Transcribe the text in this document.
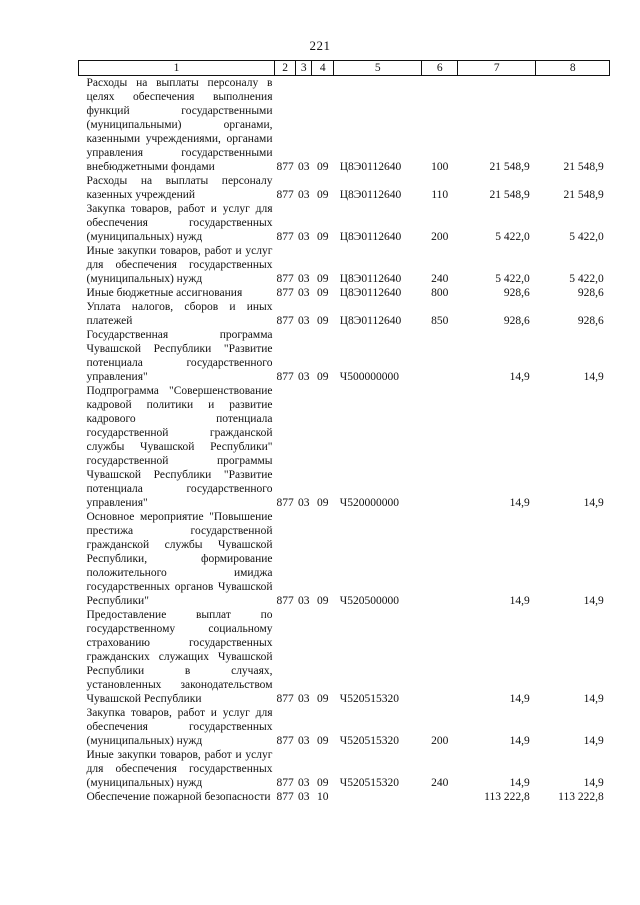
221
1	2	3	4	5	6	7	8
Расходы на выплаты персоналу в целях обеспечения выполнения функций государственными (муниципальными) органами, казенными учреждениями, органами управления государственными внебюджетными фондами	877	03	09	Ц8Э0112640	100	21 548,9	21 548,9
Расходы на выплаты персоналу казенных учреждений	877	03	09	Ц8Э0112640	110	21 548,9	21 548,9
Закупка товаров, работ и услуг для обеспечения государственных (муниципальных) нужд	877	03	09	Ц8Э0112640	200	5 422,0	5 422,0
Иные закупки товаров, работ и услуг для обеспечения государственных (муниципальных) нужд	877	03	09	Ц8Э0112640	240	5 422,0	5 422,0
Иные бюджетные ассигнования	877	03	09	Ц8Э0112640	800	928,6	928,6
Уплата налогов, сборов и иных платежей	877	03	09	Ц8Э0112640	850	928,6	928,6
Государственная программа Чувашской Республики "Развитие потенциала государственного управления"	877	03	09	Ч500000000		14,9	14,9
Подпрограмма "Совершенствование кадровой политики и развитие кадрового потенциала государственной гражданской службы Чувашской Республики" государственной программы Чувашской Республики "Развитие потенциала государственного управления"	877	03	09	Ч520000000		14,9	14,9
Основное мероприятие "Повышение престижа государственной гражданской службы Чувашской Республики, формирование положительного имиджа государственных органов Чувашской Республики"	877	03	09	Ч520500000		14,9	14,9
Предоставление выплат по государственному социальному страхованию государственных гражданских служащих Чувашской Республики в случаях, установленных законодательством Чувашской Республики	877	03	09	Ч520515320		14,9	14,9
Закупка товаров, работ и услуг для обеспечения государственных (муниципальных) нужд	877	03	09	Ч520515320	200	14,9	14,9
Иные закупки товаров, работ и услуг для обеспечения государственных (муниципальных) нужд	877	03	09	Ч520515320	240	14,9	14,9
Обеспечение пожарной безопасности	877	03	10			113 222,8	113 222,8
